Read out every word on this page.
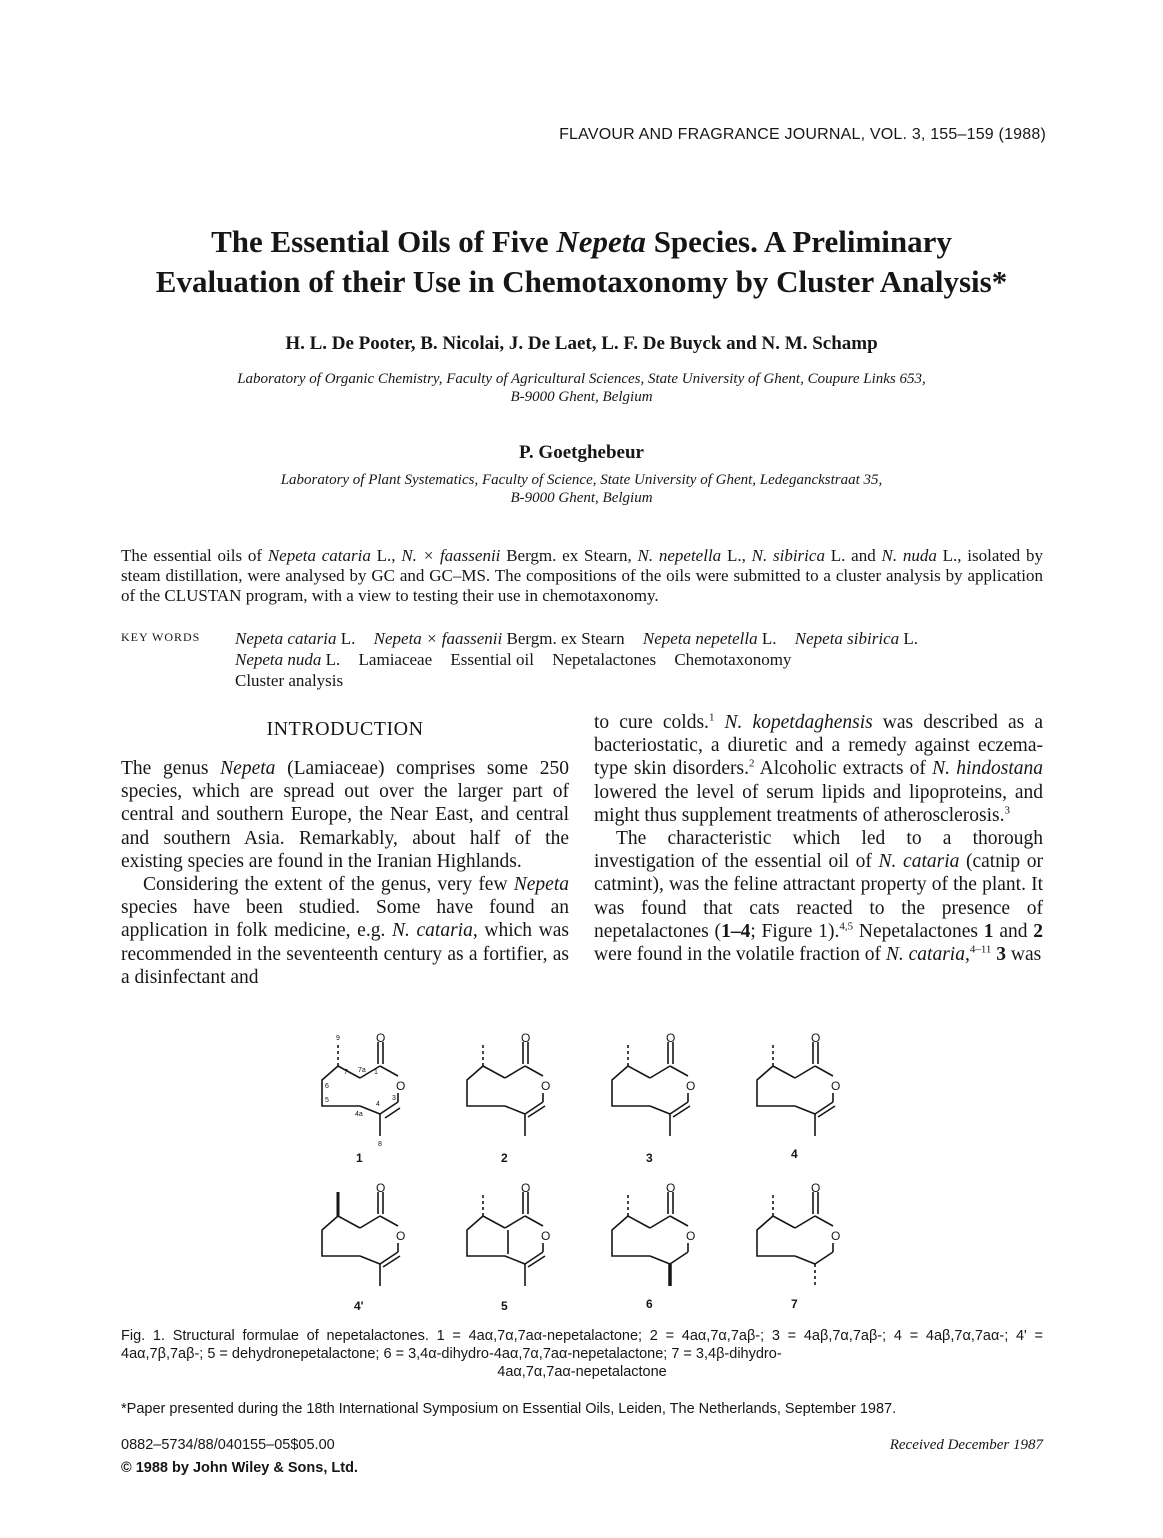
FLAVOUR AND FRAGRANCE JOURNAL, VOL. 3, 155–159 (1988)
The Essential Oils of Five Nepeta Species. A Preliminary
Evaluation of their Use in Chemotaxonomy by Cluster Analysis*
H. L. De Pooter, B. Nicolai, J. De Laet, L. F. De Buyck and N. M. Schamp
Laboratory of Organic Chemistry, Faculty of Agricultural Sciences, State University of Ghent, Coupure Links 653,
B-9000 Ghent, Belgium
P. Goetghebeur
Laboratory of Plant Systematics, Faculty of Science, State University of Ghent, Ledeganckstraat 35,
B-9000 Ghent, Belgium
The essential oils of Nepeta cataria L., N. × faassenii Bergm. ex Stearn, N. nepetella L., N. sibirica L. and N. nuda L., isolated by steam distillation, were analysed by GC and GC–MS. The compositions of the oils were submitted to a cluster analysis by application of the CLUSTAN program, with a view to testing their use in chemotaxonomy.
KEY WORDS Nepeta cataria L. Nepeta × faassenii Bergm. ex Stearn Nepeta nepetella L. Nepeta sibirica L.
Nepeta nuda L. Lamiaceae Essential oil Nepetalactones Chemotaxonomy
Cluster analysis
INTRODUCTION

The genus Nepeta (Lamiaceae) comprises some 250 species, which are spread out over the larger part of central and southern Europe, the Near East, and central and southern Asia. Remarkably, about half of the existing species are found in the Iranian Highlands.

Considering the extent of the genus, very few Nepeta species have been studied. Some have found an application in folk medicine, e.g. N. cataria, which was recommended in the seventeenth century as a fortifier, as a disinfectant and

to cure colds.$^1$ N. kopetdaghensis was described as a bacteriostatic, a diuretic and a remedy against eczema-type skin disorders.$^2$ Alcoholic extracts of N. hindostana lowered the level of serum lipids and lipoproteins, and might thus supplement treatments of atherosclerosis.$^3$

The characteristic which led to a thorough investigation of the essential oil of N. cataria (catnip or catmint), was the feline attractant property of the plant. It was found that cats reacted to the presence of nepetalactones (1–4; Figure 1).$^{4,5}$ Nepetalactones 1 and 2 were found in the volatile fraction of N. cataria,$^{4-11}$ 3 was

O
O
9
7a 1
7
6
5
4
3
4a
8
1
O
O
2
O
O
3
O
O
4
O
O
4'
O
O
5
O
O
6
O
O
7
Fig. 1. Structural formulae of nepetalactones. 1 = 4aα,7α,7aα-nepetalactone; 2 = 4aα,7α,7aβ-; 3 = 4aβ,7α,7aβ-; 4 = 4aβ,7α,7aα-; 4' = 4aα,7β,7aβ-; 5 = dehydronepetalactone; 6 = 3,4α-dihydro-4aα,7α,7aα-nepetalactone; 7 = 3,4β-dihydro-
4aα,7α,7aα-nepetalactone
*Paper presented during the 18th International Symposium on Essential Oils, Leiden, The Netherlands, September 1987.
0882–5734/88/040155–05$05.00
© 1988 by John Wiley & Sons, Ltd.
Received December 1987
